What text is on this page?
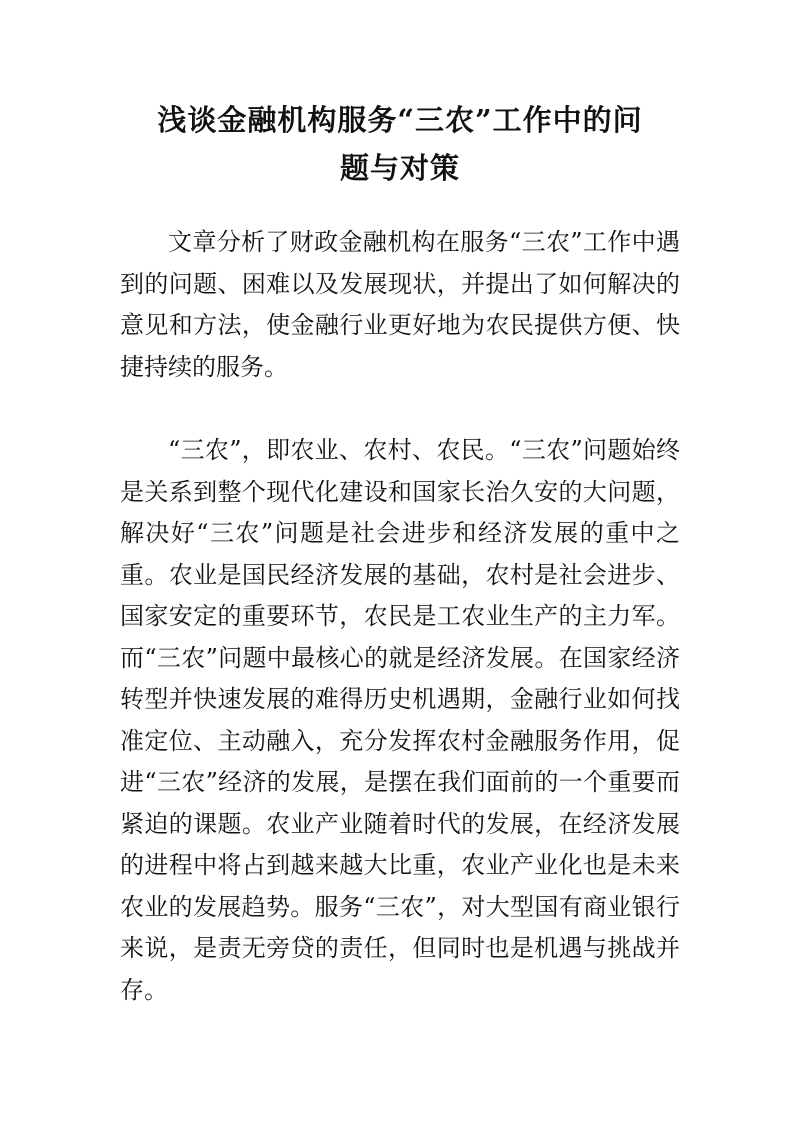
浅谈金融机构服务“三农”工作中的问
题与对策

文章分析了财政金融机构在服务“三农”工作中遇到的问题、困难以及发展现状，并提出了如何解决的意见和方法，使金融行业更好地为农民提供方便、快捷持续的服务。

“三农”，即农业、农村、农民。“三农”问题始终是关系到整个现代化建设和国家长治久安的大问题，解决好“三农”问题是社会进步和经济发展的重中之重。农业是国民经济发展的基础，农村是社会进步、国家安定的重要环节，农民是工农业生产的主力军。而“三农”问题中最核心的就是经济发展。在国家经济转型并快速发展的难得历史机遇期，金融行业如何找准定位、主动融入，充分发挥农村金融服务作用，促进“三农”经济的发展，是摆在我们面前的一个重要而紧迫的课题。农业产业随着时代的发展，在经济发展的进程中将占到越来越大比重，农业产业化也是未来农业的发展趋势。服务“三农”，对大型国有商业银行来说，是责无旁贷的责任，但同时也是机遇与挑战并存。
